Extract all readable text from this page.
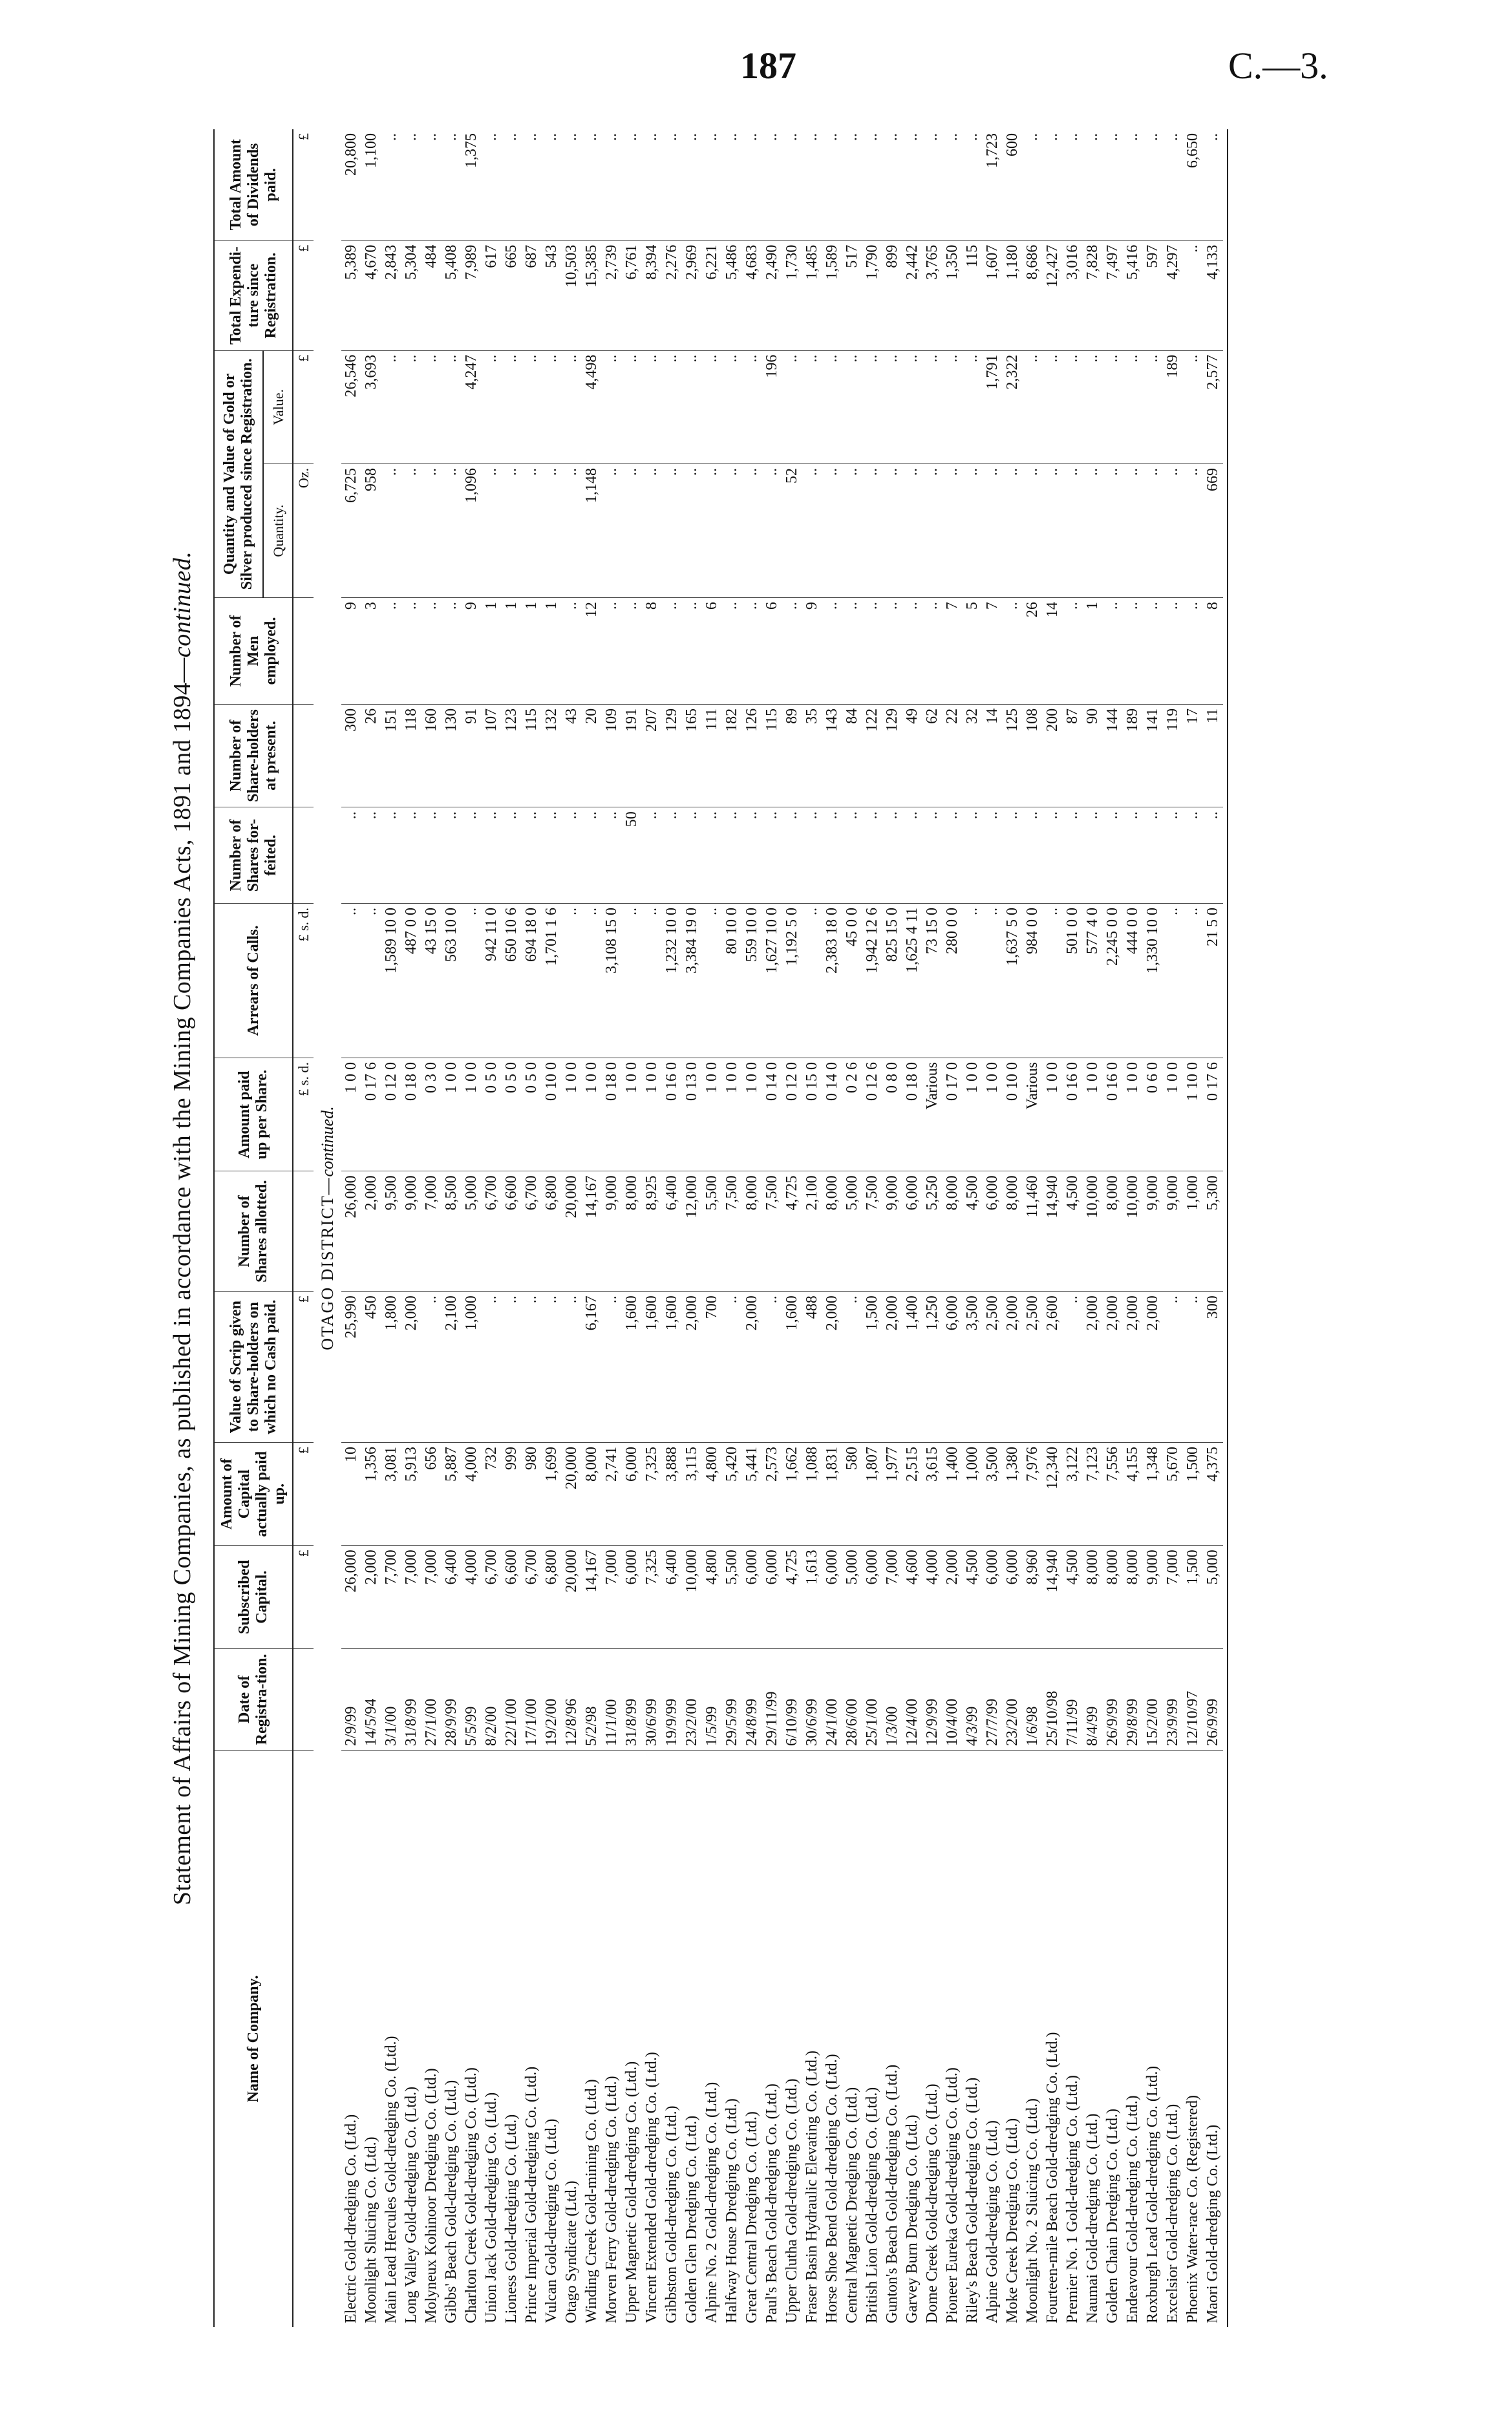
187	C.—3.
Statement of Affairs of Mining Companies, as published in accordance with the Mining Companies Acts, 1891 and 1894—continued.
Name of Company.	Date of Registra-tion.	Subscribed Capital.	Amount of Capital actually paid up.	Value of Scrip given to Share-holders on which no Cash paid.	Number of Shares allotted.	Amount paid up per Share.	Arrears of Calls.	Number of Shares for-feited.	Number of Share-holders at present.	Number of Men employed.	Quantity and Value of Gold or Silver produced since Registration.		Total Expendi-ture since Registration.	Total Amount of Dividends paid.
											Quantity.	Value.		
		£	£	£		£ s. d.	£ s. d.				Oz.	£	£	£
OTAGO DISTRICT—continued.														
Electric Gold-dredging Co. (Ltd.)	2/9/99	26,000	10	25,990	26,000	1 0 0	..	..	300	9	6,725	26,546	5,389	20,800
Moonlight Sluicing Co. (Ltd.)	14/5/94	2,000	1,356	450	2,000	0 17 6	..	..	26	3	958	3,693	4,670	1,100
Main Lead Hercules Gold-dredging Co. (Ltd.)	3/1/00	7,700	3,081	1,800	9,500	0 12 0	1,589 10 0	..	151	..	..	..	2,843	..
Long Valley Gold-dredging Co. (Ltd.)	31/8/99	7,000	5,913	2,000	9,000	0 18 0	487 0 0	..	118	..	..	..	5,304	..
Molyneux Kohinoor Dredging Co. (Ltd.)	27/1/00	7,000	656	..	7,000	0 3 0	43 15 0	..	160	..	..	..	484	..
Gibbs' Beach Gold-dredging Co. (Ltd.)	28/9/99	6,400	5,887	2,100	8,500	1 0 0	563 10 0	..	130	..	..	..	5,408	..
Charlton Creek Gold-dredging Co. (Ltd.)	5/5/99	4,000	4,000	1,000	5,000	1 0 0	..	..	91	9	1,096	4,247	7,989	1,375
Union Jack Gold-dredging Co. (Ltd.)	8/2/00	6,700	732	..	6,700	0 5 0	942 11 0	..	107	1	..	..	617	..
Lioness Gold-dredging Co. (Ltd.)	22/1/00	6,600	999	..	6,600	0 5 0	650 10 6	..	123	1	..	..	665	..
Prince Imperial Gold-dredging Co. (Ltd.)	17/1/00	6,700	980	..	6,700	0 5 0	694 18 0	..	115	1	..	..	687	..
Vulcan Gold-dredging Co. (Ltd.)	19/2/00	6,800	1,699	..	6,800	0 10 0	1,701 1 6	..	132	1	..	..	543	..
Otago Syndicate (Ltd.)	12/8/96	20,000	20,000	..	20,000	1 0 0	..	..	43	..	..	..	10,503	..
Winding Creek Gold-mining Co. (Ltd.)	5/2/98	14,167	8,000	6,167	14,167	1 0 0	..	..	20	12	1,148	4,498	15,385	..
Morven Ferry Gold-dredging Co. (Ltd.)	11/1/00	7,000	2,741	..	9,000	0 18 0	3,108 15 0	..	109	..	..	..	2,739	..
Upper Magnetic Gold-dredging Co. (Ltd.)	31/8/99	6,000	6,000	1,600	8,000	1 0 0	..	50	191	..	..	..	6,761	..
Vincent Extended Gold-dredging Co. (Ltd.)	30/6/99	7,325	7,325	1,600	8,925	1 0 0	..	..	207	8	..	..	8,394	..
Gibbston Gold-dredging Co. (Ltd.)	19/9/99	6,400	3,888	1,600	6,400	0 16 0	1,232 10 0	..	129	..	..	..	2,276	..
Golden Glen Dredging Co. (Ltd.)	23/2/00	10,000	3,115	2,000	12,000	0 13 0	3,384 19 0	..	165	..	..	..	2,969	..
Alpine No. 2 Gold-dredging Co. (Ltd.)	1/5/99	4,800	4,800	700	5,500	1 0 0	..	..	111	6	..	..	6,221	..
Halfway House Dredging Co. (Ltd.)	29/5/99	5,500	5,420	..	7,500	1 0 0	80 10 0	..	182	..	..	..	5,486	..
Great Central Dredging Co. (Ltd.)	24/8/99	6,000	5,441	2,000	8,000	1 0 0	559 10 0	..	126	..	..	..	4,683	..
Paul's Beach Gold-dredging Co. (Ltd.)	29/11/99	6,000	2,573	..	7,500	0 14 0	1,627 10 0	..	115	6	..	196	2,490	..
Upper Clutha Gold-dredging Co. (Ltd.)	6/10/99	4,725	1,662	1,600	4,725	0 12 0	1,192 5 0	..	89	..	52	..	1,730	..
Fraser Basin Hydraulic Elevating Co. (Ltd.)	30/6/99	1,613	1,088	488	2,100	0 15 0	..	..	35	9	..	..	1,485	..
Horse Shoe Bend Gold-dredging Co. (Ltd.)	24/1/00	6,000	1,831	2,000	8,000	0 14 0	2,383 18 0	..	143	..	..	..	1,589	..
Central Magnetic Dredging Co. (Ltd.)	28/6/00	5,000	580	..	5,000	0 2 6	45 0 0	..	84	..	..	..	517	..
British Lion Gold-dredging Co. (Ltd.)	25/1/00	6,000	1,807	1,500	7,500	0 12 6	1,942 12 6	..	122	..	..	..	1,790	..
Gunton's Beach Gold-dredging Co. (Ltd.)	1/3/00	7,000	1,977	2,000	9,000	0 8 0	825 15 0	..	129	..	..	..	899	..
Garvey Burn Dredging Co. (Ltd.)	12/4/00	4,600	2,515	1,400	6,000	0 18 0	1,625 4 11	..	49	..	..	..	2,442	..
Dome Creek Gold-dredging Co. (Ltd.)	12/9/99	4,000	3,615	1,250	5,250	Various	73 15 0	..	62	..	..	..	3,765	..
Pioneer Eureka Gold-dredging Co. (Ltd.)	10/4/00	2,000	1,400	6,000	8,000	0 17 0	280 0 0	..	22	7	..	..	1,350	..
Riley's Beach Gold-dredging Co. (Ltd.)	4/3/99	4,500	1,000	3,500	4,500	1 0 0	..	..	32	5	..	..	115	..
Alpine Gold-dredging Co. (Ltd.)	27/7/99	6,000	3,500	2,500	6,000	1 0 0	..	..	14	7	..	1,791	1,607	1,723
Moke Creek Dredging Co. (Ltd.)	23/2/00	6,000	1,380	2,000	8,000	0 10 0	1,637 5 0	..	125	..	..	2,322	1,180	600
Moonlight No. 2 Sluicing Co. (Ltd.)	1/6/98	8,960	7,976	2,500	11,460	Various	984 0 0	..	108	26	..	..	8,686	..
Fourteen-mile Beach Gold-dredging Co. (Ltd.)	25/10/98	14,940	12,340	2,600	14,940	1 0 0	..	..	200	14	..	..	12,427	..
Premier No. 1 Gold-dredging Co. (Ltd.)	7/11/99	4,500	3,122	..	4,500	0 16 0	501 0 0	..	87	..	..	..	3,016	..
Naumai Gold-dredging Co. (Ltd.)	8/4/99	8,000	7,123	2,000	10,000	1 0 0	577 4 0	..	90	1	..	..	7,828	..
Golden Chain Dredging Co. (Ltd.)	26/9/99	8,000	7,556	2,000	8,000	0 16 0	2,245 0 0	..	144	..	..	..	7,497	..
Endeavour Gold-dredging Co. (Ltd.)	29/8/99	8,000	4,155	2,000	10,000	1 0 0	444 0 0	..	189	..	..	..	5,416	..
Roxburgh Lead Gold-dredging Co. (Ltd.)	15/2/00	9,000	1,348	2,000	9,000	0 6 0	1,330 10 0	..	141	..	..	..	597	..
Excelsior Gold-dredging Co. (Ltd.)	23/9/99	7,000	5,670	..	9,000	1 0 0	..	..	119	..	..	189	4,297	..
Phoenix Water-race Co. (Registered)	12/10/97	1,500	1,500	..	1,000	1 10 0	..	..	17	..	..	..	..	6,650
Maori Gold-dredging Co. (Ltd.)	26/9/99	5,000	4,375	300	5,300	0 17 6	21 5 0	..	11	8	669	2,577	4,133	..
